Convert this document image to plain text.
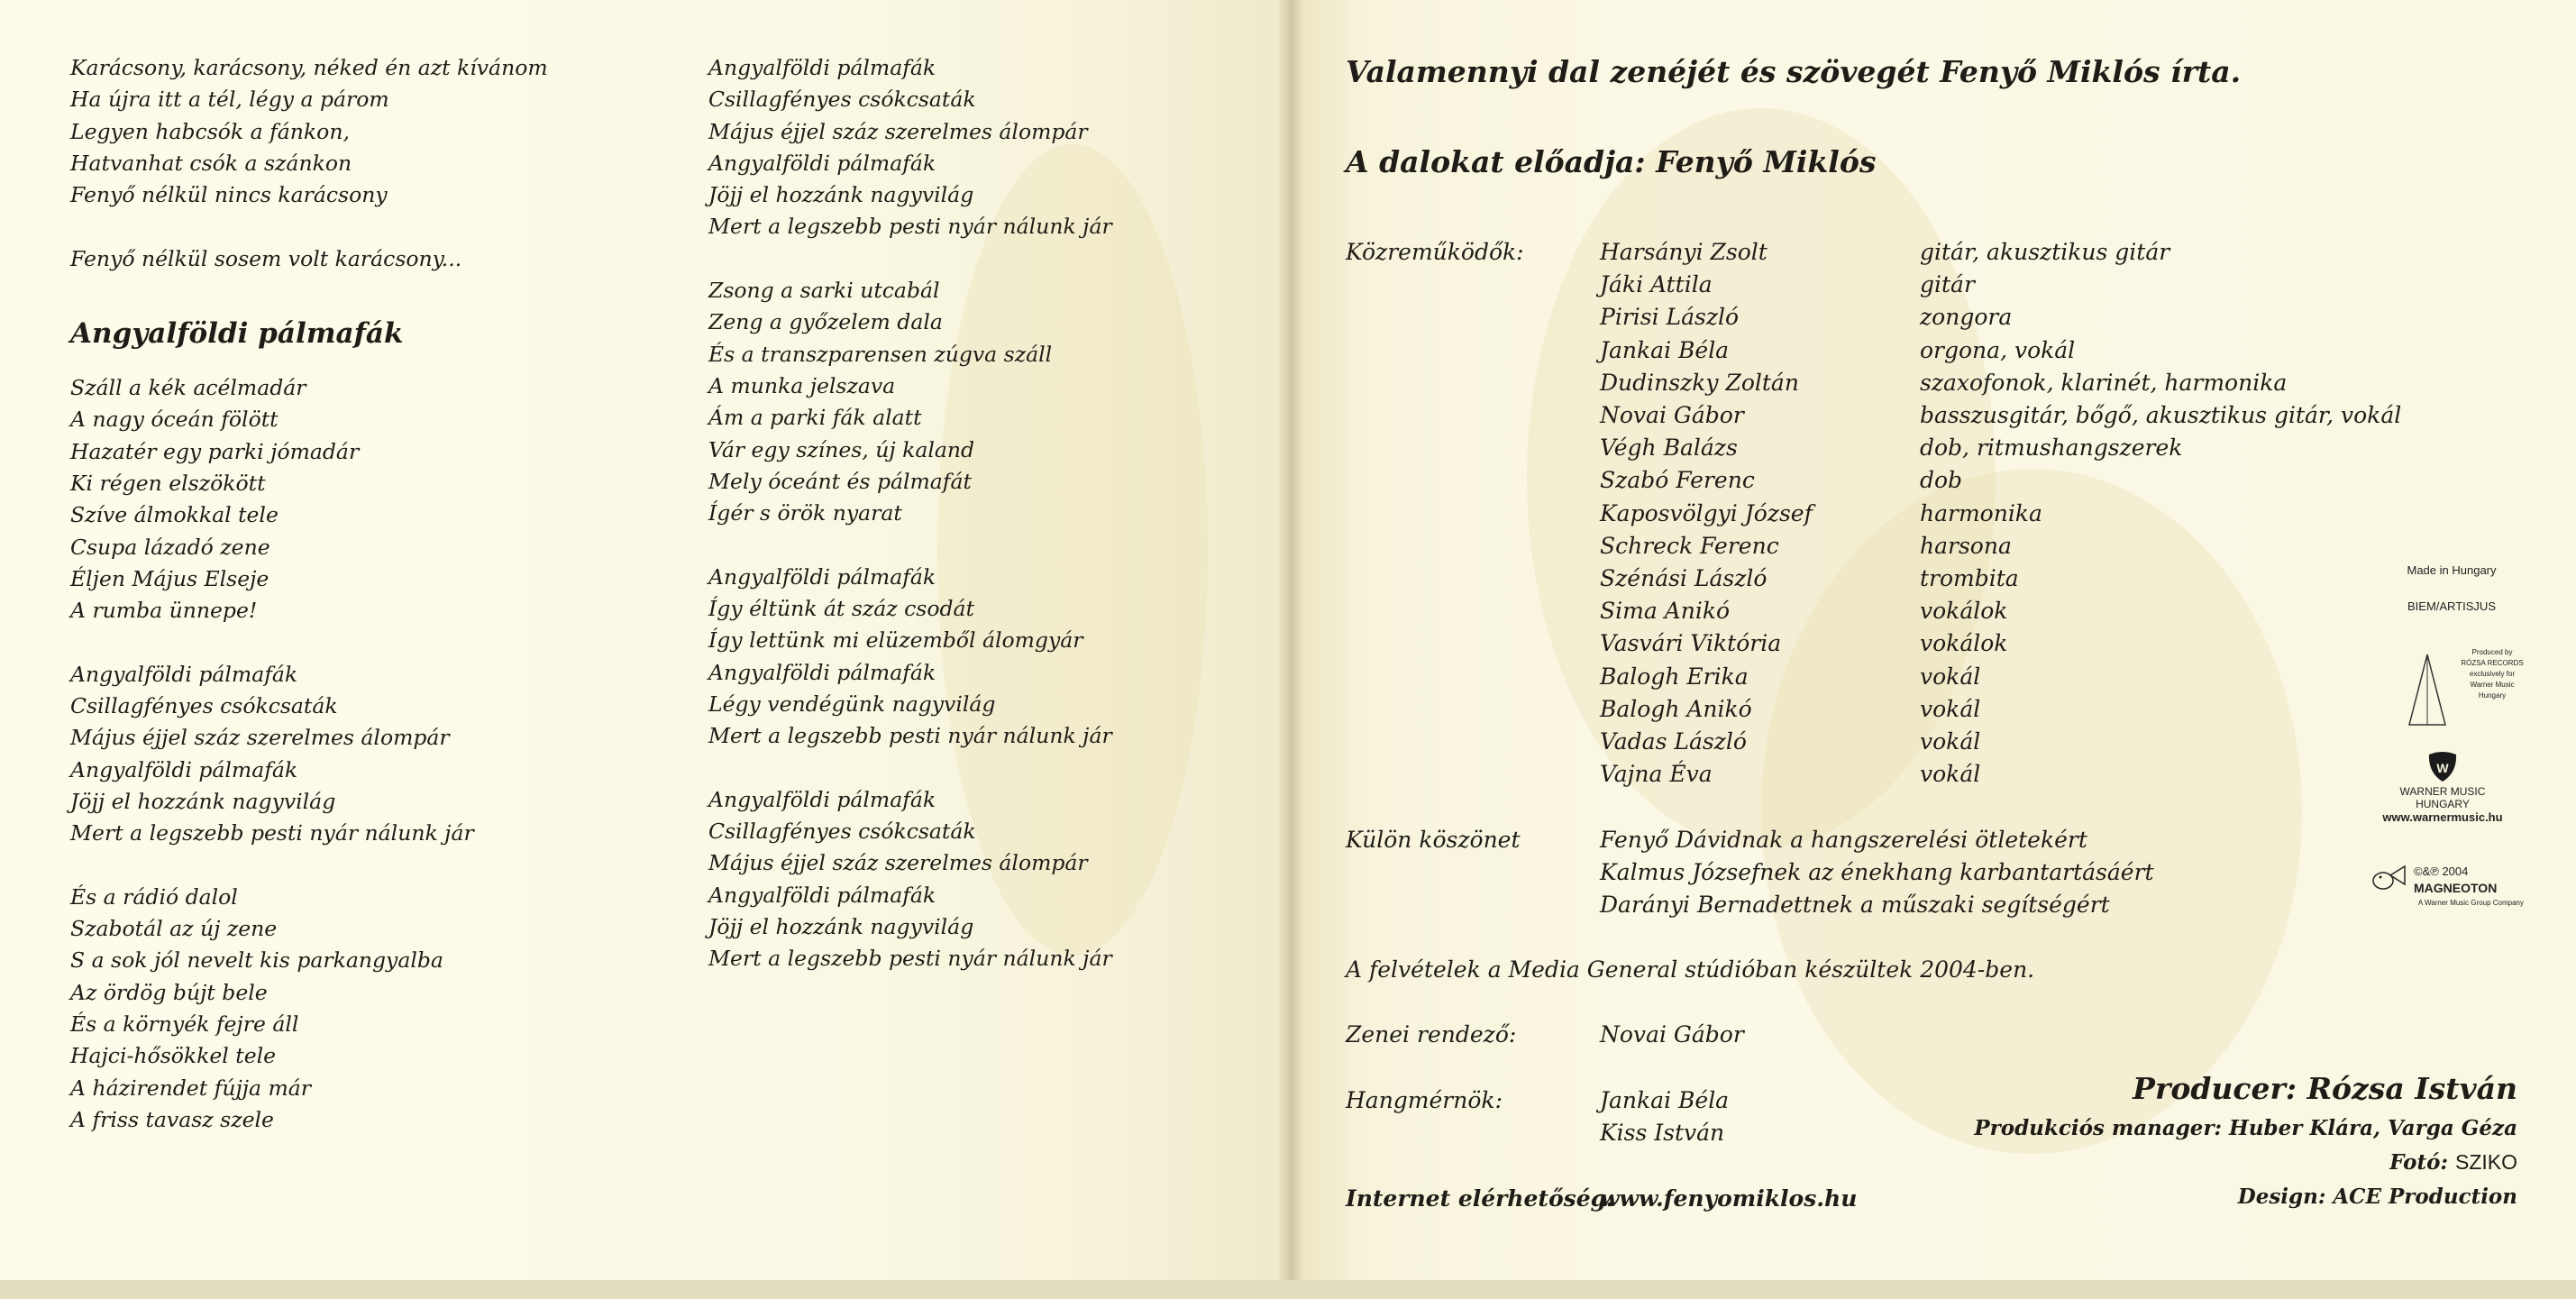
Karácsony, karácsony, néked én azt kívánom
Ha újra itt a tél, légy a párom
Legyen habcsók a fánkon,
Hatvanhat csók a szánkon
Fenyő nélkül nincs karácsony
Fenyő nélkül sosem volt karácsony...
Angyalföldi pálmafák
Száll a kék acélmadár
A nagy óceán fölött
Hazatér egy parki jómadár
Ki régen elszökött
Szíve álmokkal tele
Csupa lázadó zene
Éljen Május Elseje
A rumba ünnepe!
Angyalföldi pálmafák
Csillagfényes csókcsaták
Május éjjel száz szerelmes álompár
Angyalföldi pálmafák
Jöjj el hozzánk nagyvilág
Mert a legszebb pesti nyár nálunk jár
És a rádió dalol
Szabotál az új zene
S a sok jól nevelt kis parkangyalba
Az ördög bújt bele
És a környék fejre áll
Hajci-hősökkel tele
A házirendet fújja már
A friss tavasz szele
Angyalföldi pálmafák
Csillagfényes csókcsaták
Május éjjel száz szerelmes álompár
Angyalföldi pálmafák
Jöjj el hozzánk nagyvilág
Mert a legszebb pesti nyár nálunk jár
Zsong a sarki utcabál
Zeng a győzelem dala
És a transzparensen zúgva száll
A munka jelszava
Ám a parki fák alatt
Vár egy színes, új kaland
Mely óceánt és pálmafát
Ígér s örök nyarat
Angyalföldi pálmafák
Így éltünk át száz csodát
Így lettünk mi elüzemből álomgyár
Angyalföldi pálmafák
Légy vendégünk nagyvilág
Mert a legszebb pesti nyár nálunk jár
Angyalföldi pálmafák
Csillagfényes csókcsaták
Május éjjel száz szerelmes álompár
Angyalföldi pálmafák
Jöjj el hozzánk nagyvilág
Mert a legszebb pesti nyár nálunk jár
Valamennyi dal zenéjét és szövegét Fenyő Miklós írta.
A dalokat előadja: Fenyő Miklós
Közreműködők:	Harsányi Zsolt	gitár, akusztikus gitár
Jáki Attila	gitár
Pirisi László	zongora
Jankai Béla	orgona, vokál
Dudinszky Zoltán	szaxofonok, klarinét, harmonika
Novai Gábor	basszusgitár, bőgő, akusztikus gitár, vokál
Végh Balázs	dob, ritmushangszerek
Szabó Ferenc	dob
Kaposvölgyi József	harmonika
Schreck Ferenc	harsona
Szénási László	trombita
Sima Anikó	vokálok
Vasvári Viktória	vokálok
Balogh Erika	vokál
Balogh Anikó	vokál
Vadas László	vokál
Vajna Éva	vokál
Külön köszönet	Fenyő Dávidnak a hangszerelési ötletekért
Kalmus Józsefnek az énekhang karbantartásáért
Darányi Bernadettnek a műszaki segítségért
A felvételek a Media General stúdióban készültek 2004-ben.
Zenei rendező:	Novai Gábor
Hangmérnök:	Jankai Béla
Kiss István
Internet elérhetőség:
www.fenyomiklos.hu
Producer: Rózsa István
Produkciós manager: Huber Klára, Varga Géza
Fotó: SZIKO
Design: ACE Production
Made in Hungary
BIEM/ARTISJUS
Produced by
RÓZSA RECORDS
exclusively for
Warner Music
Hungary
W
WARNER MUSIC
HUNGARY
www.warnermusic.hu
©&℗ 2004
MAGNEOTON
A Warner Music Group Company
